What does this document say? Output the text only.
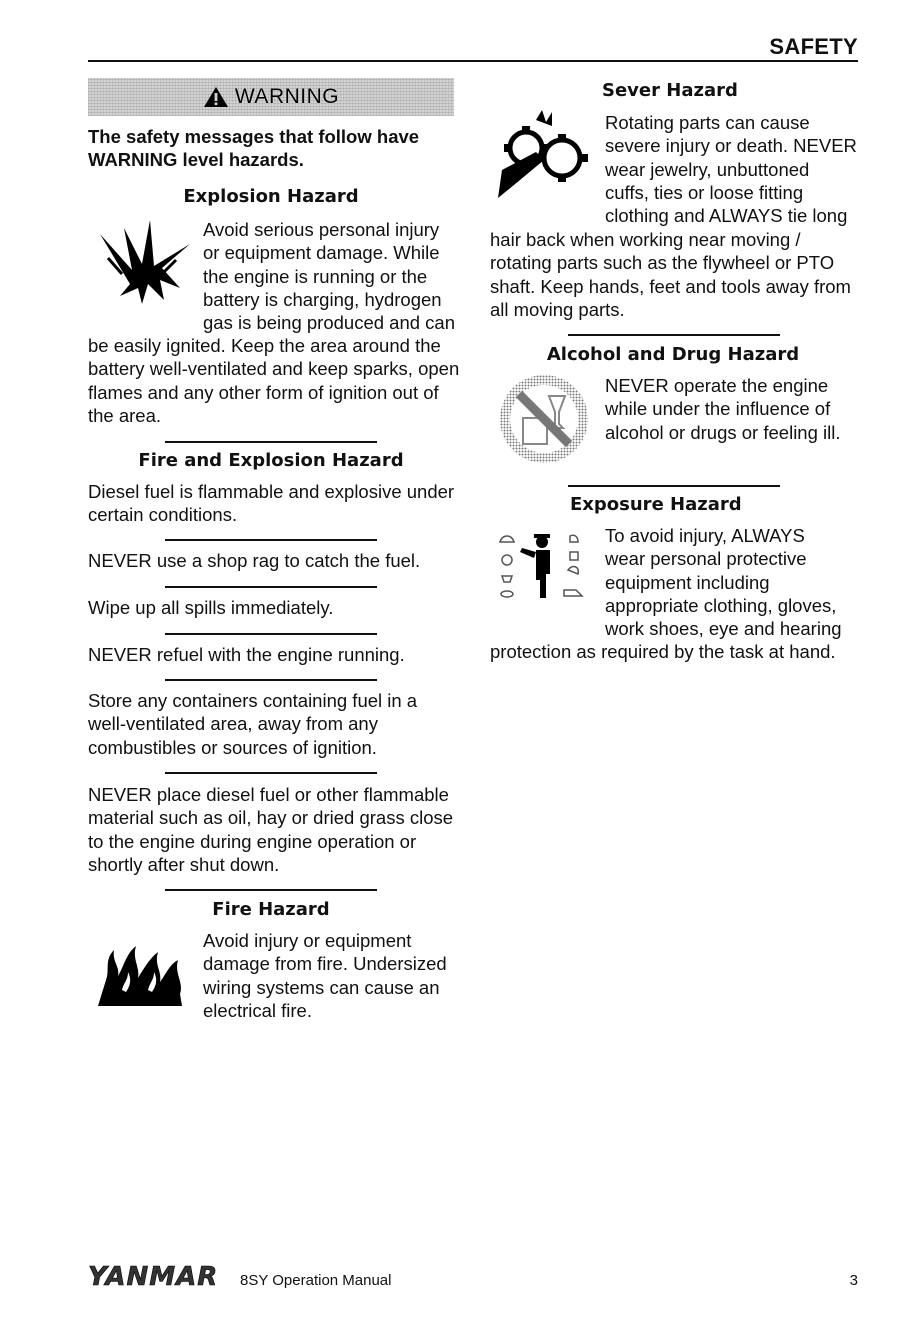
SAFETY
WARNING
The safety messages that follow have WARNING level hazards.
Explosion Hazard
Avoid serious personal injury
or equipment damage. While
the engine is running or the
battery is charging, hydrogen
gas is being produced and can
be easily ignited. Keep the area around the battery well-ventilated and keep sparks, open flames and any other form of ignition out of the area.
Fire and Explosion Hazard
Diesel fuel is flammable and explosive under certain conditions.
NEVER use a shop rag to catch the fuel.
Wipe up all spills immediately.
NEVER refuel with the engine running.
Store any containers containing fuel in a well-ventilated area, away from any combustibles or sources of ignition.
NEVER place diesel fuel or other flammable material such as oil, hay or dried grass close to the engine during engine operation or shortly after shut down.
Fire Hazard
Avoid injury or equipment damage from fire. Undersized wiring systems can cause an electrical fire.
Sever Hazard
Rotating parts can cause
severe injury or death. NEVER
wear jewelry, unbuttoned
cuffs, ties or loose fitting
clothing and ALWAYS tie long
hair back when working near moving / rotating parts such as the flywheel or PTO shaft. Keep hands, feet and tools away from all moving parts.
Alcohol and Drug Hazard
NEVER operate the engine while under the influence of alcohol or drugs or feeling ill.
Exposure Hazard
To avoid injury, ALWAYS
wear personal protective
equipment including
appropriate clothing, gloves,
work shoes, eye and hearing
protection as required by the task at hand.
YANMAR 8SY Operation Manual	3
